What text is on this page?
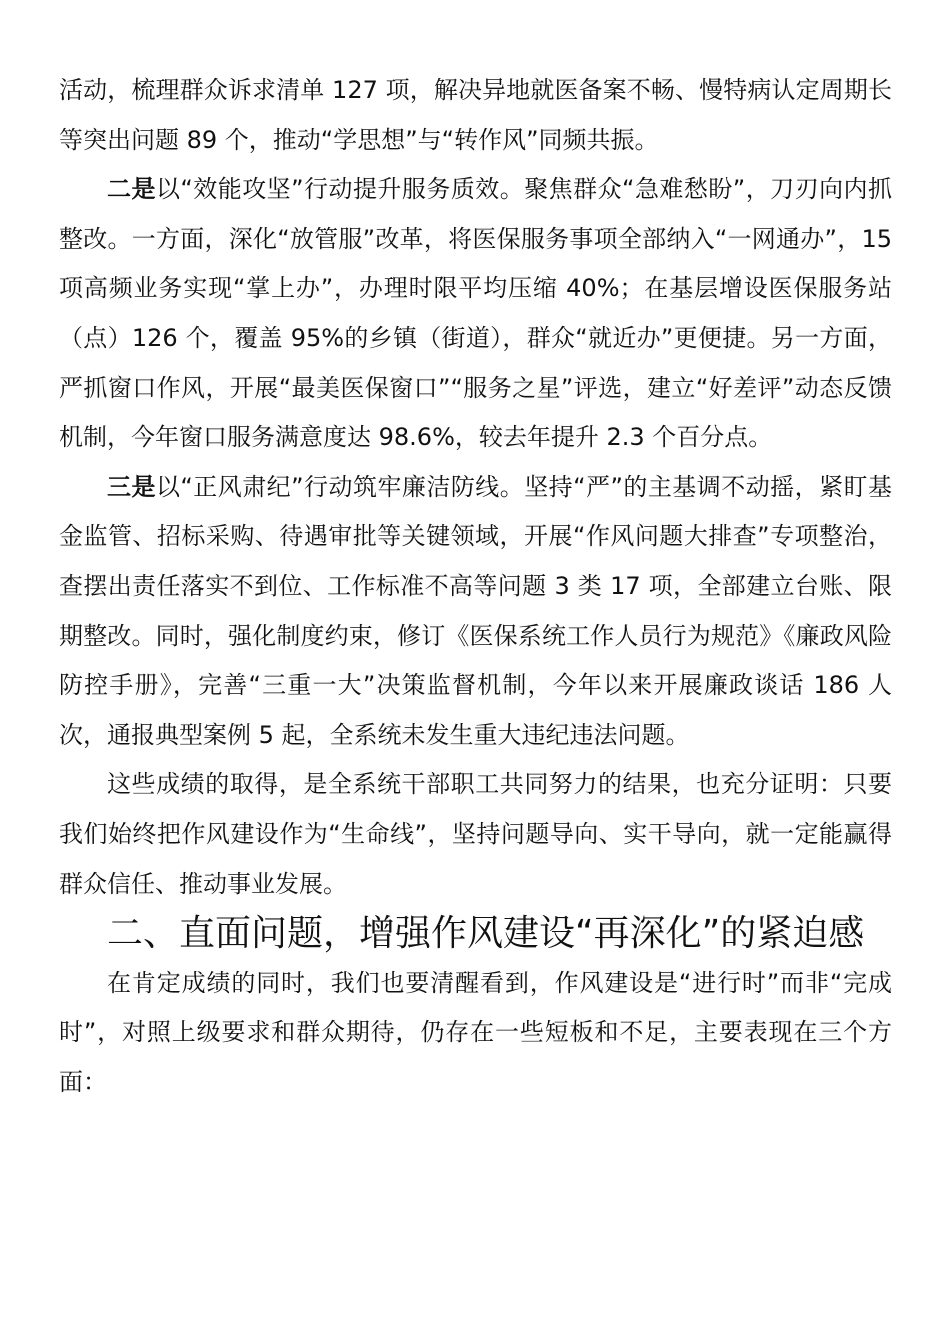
活动，梳理群众诉求清单 127 项，解决异地就医备案不畅、慢特病认定周期长等突出问题 89 个，推动“学思想”与“转作风”同频共振。

二是以“效能攻坚”行动提升服务质效。聚焦群众“急难愁盼”，刀刃向内抓整改。一方面，深化“放管服”改革，将医保服务事项全部纳入“一网通办”，15 项高频业务实现“掌上办”，办理时限平均压缩 40%；在基层增设医保服务站（点）126 个，覆盖 95%的乡镇（街道），群众“就近办”更便捷。另一方面，严抓窗口作风，开展“最美医保窗口”“服务之星”评选，建立“好差评”动态反馈机制，今年窗口服务满意度达 98.6%，较去年提升 2.3 个百分点。

三是以“正风肃纪”行动筑牢廉洁防线。坚持“严”的主基调不动摇，紧盯基金监管、招标采购、待遇审批等关键领域，开展“作风问题大排查”专项整治，查摆出责任落实不到位、工作标准不高等问题 3 类 17 项，全部建立台账、限期整改。同时，强化制度约束，修订《医保系统工作人员行为规范》《廉政风险防控手册》，完善“三重一大”决策监督机制，今年以来开展廉政谈话 186 人次，通报典型案例 5 起，全系统未发生重大违纪违法问题。

这些成绩的取得，是全系统干部职工共同努力的结果，也充分证明：只要我们始终把作风建设作为“生命线”，坚持问题导向、实干导向，就一定能赢得群众信任、推动事业发展。

二、直面问题，增强作风建设“再深化”的紧迫感

在肯定成绩的同时，我们也要清醒看到，作风建设是“进行时”而非“完成时”，对照上级要求和群众期待，仍存在一些短板和不足，主要表现在三个方面：
